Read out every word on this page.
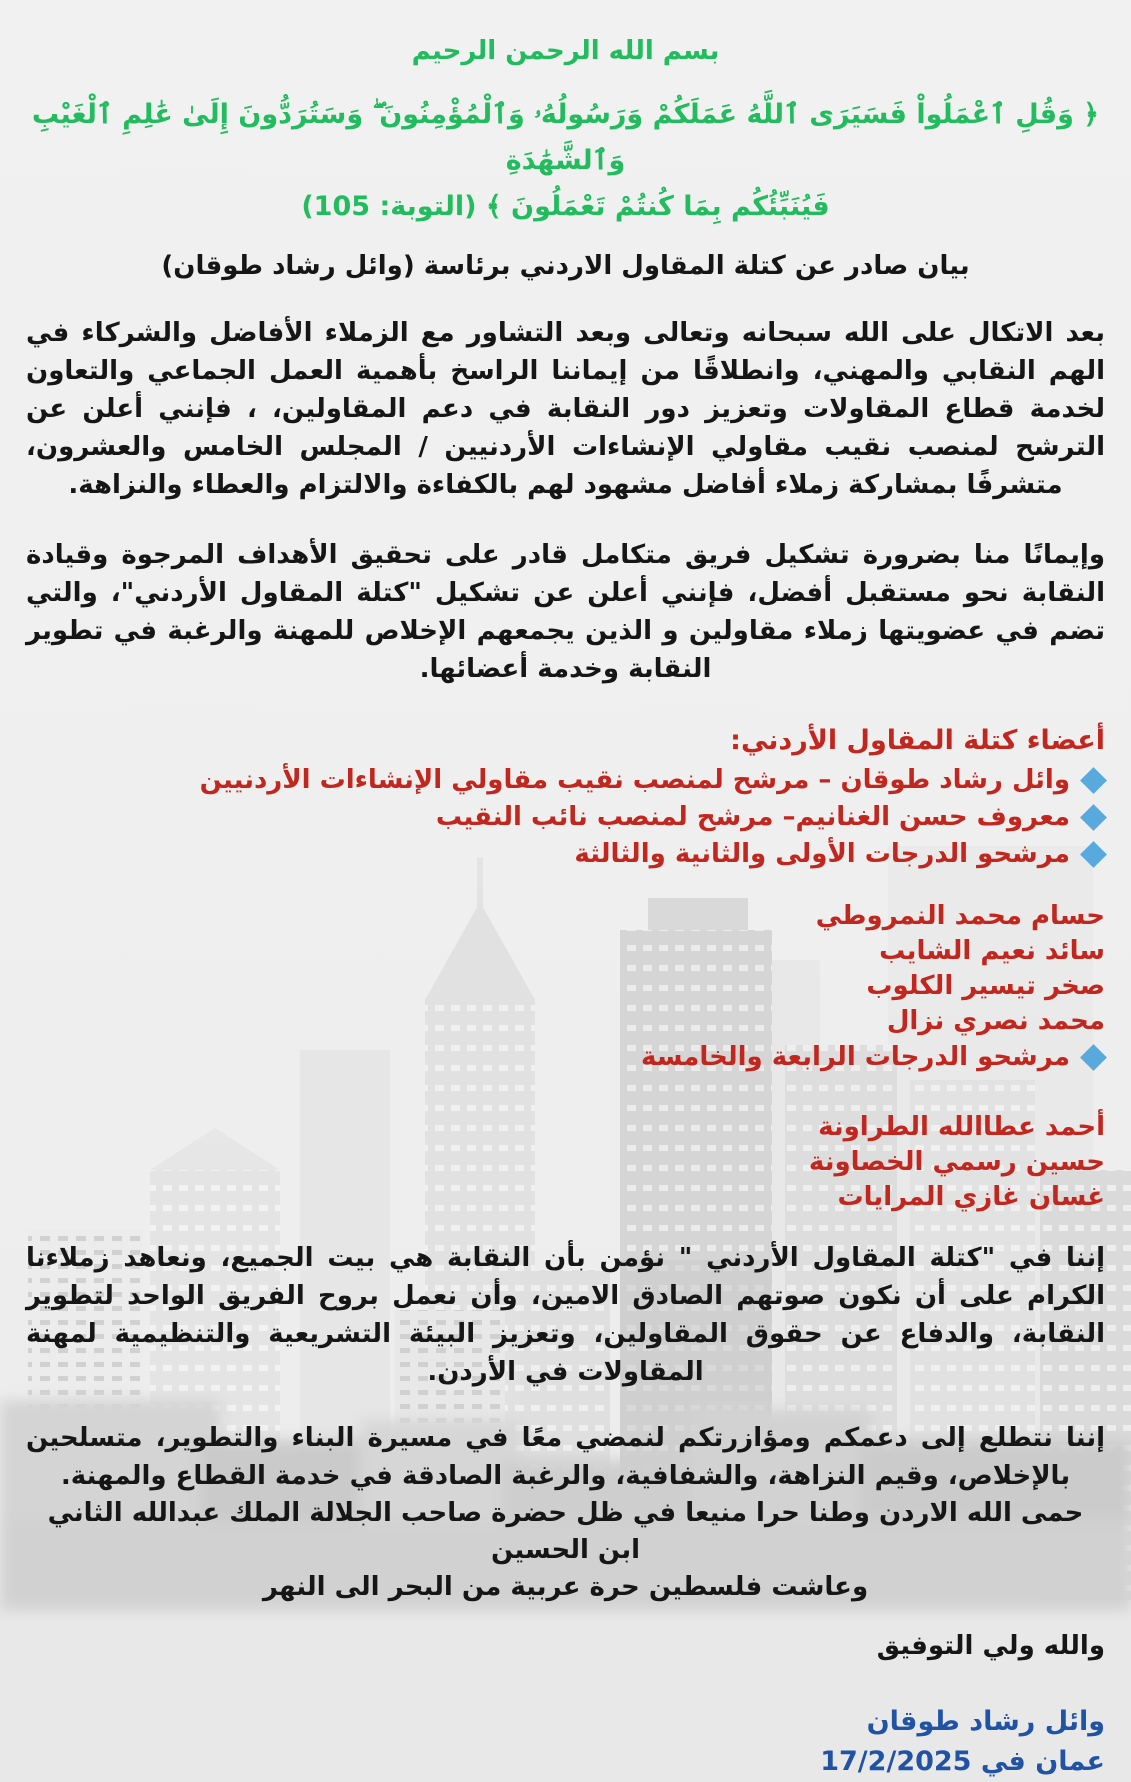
بسم الله الرحمن الرحيم
﴿ وَقُلِ ٱعْمَلُواْ فَسَيَرَى ٱللَّهُ عَمَلَكُمْ وَرَسُولُهُۥ وَٱلْمُؤْمِنُونَ ۖ وَسَتُرَدُّونَ إِلَىٰ عَٰلِمِ ٱلْغَيْبِ وَٱلشَّهَٰدَةِ
فَيُنَبِّئُكُم بِمَا كُنتُمْ تَعْمَلُونَ ﴾ (التوبة: 105)
بيان صادر عن كتلة المقاول الاردني برئاسة (وائل رشاد طوقان)
بعد الاتكال على الله سبحانه وتعالى وبعد التشاور مع الزملاء الأفاضل والشركاء في الهم النقابي والمهني، وانطلاقًا من إيماننا الراسخ بأهمية العمل الجماعي والتعاون لخدمة قطاع المقاولات وتعزيز دور النقابة في دعم المقاولين، ، فإنني أعلن عن الترشح لمنصب نقيب مقاولي الإنشاءات الأردنيين / المجلس الخامس والعشرون، متشرفًا بمشاركة زملاء أفاضل مشهود لهم بالكفاءة والالتزام والعطاء والنزاهة.
وإيمانًا منا بضرورة تشكيل فريق متكامل قادر على تحقيق الأهداف المرجوة وقيادة النقابة نحو مستقبل أفضل، فإنني أعلن عن تشكيل "كتلة المقاول الأردني"، والتي تضم في عضويتها زملاء مقاولين و الذين يجمعهم الإخلاص للمهنة والرغبة في تطوير النقابة وخدمة أعضائها.
أعضاء كتلة المقاول الأردني:
وائل رشاد طوقان – مرشح لمنصب نقيب مقاولي الإنشاءات الأردنيين
معروف حسن الغنانيم– مرشح لمنصب نائب النقيب
مرشحو الدرجات الأولى والثانية والثالثة
حسام محمد النمروطي
سائد نعيم الشايب
صخر تيسير الكلوب
محمد نصري نزال
مرشحو الدرجات الرابعة والخامسة
أحمد عطاالله الطراونة
حسين رسمي الخصاونة
غسان غازي المرايات
إننا في "كتلة المقاول الأردني " نؤمن بأن النقابة هي بيت الجميع، ونعاهد زملاءنا الكرام على أن نكون صوتهم الصادق الامين، وأن نعمل بروح الفريق الواحد لتطوير النقابة، والدفاع عن حقوق المقاولين، وتعزيز البيئة التشريعية والتنظيمية لمهنة المقاولات في الأردن.
إننا نتطلع إلى دعمكم ومؤازرتكم لنمضي معًا في مسيرة البناء والتطوير، متسلحين بالإخلاص، وقيم النزاهة، والشفافية، والرغبة الصادقة في خدمة القطاع والمهنة.
حمى الله الاردن وطنا حرا منيعا في ظل حضرة صاحب الجلالة الملك عبدالله الثاني ابن الحسين
وعاشت فلسطين حرة عربية من البحر الى النهر
والله ولي التوفيق
وائل رشاد طوقان
عمان في 17/2/2025
